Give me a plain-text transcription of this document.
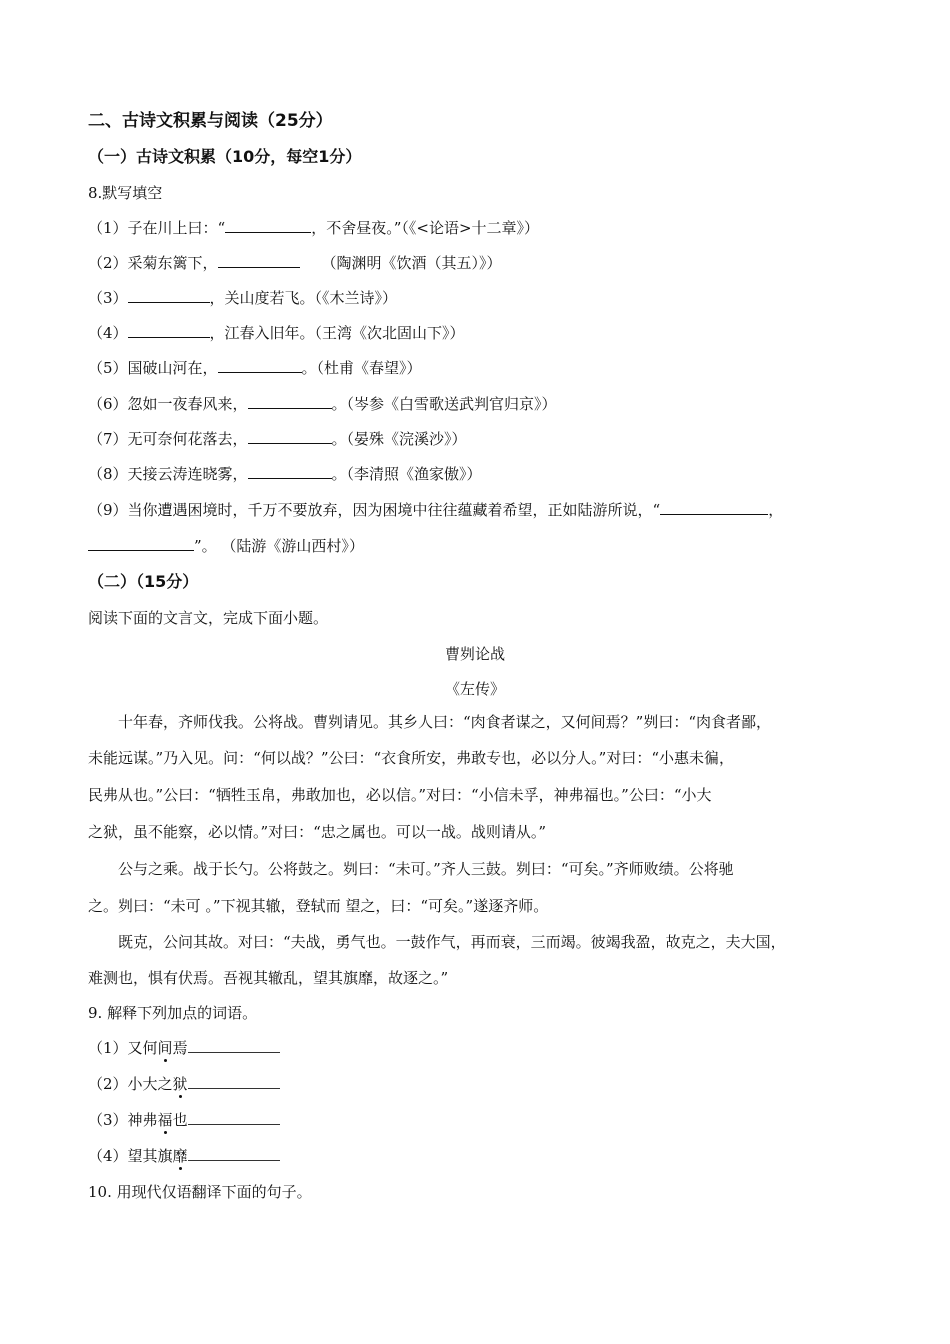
二、古诗文积累与阅读（25分）
（一）古诗文积累（10分，每空1分）
8.默写填空
（1）子在川上曰：“	，不舍昼夜。”（《<论语>十二章》）
（2）采菊东篱下，	（陶渊明《饮酒（其五）》）
（3）	，关山度若飞。（《木兰诗》）
（4）	，江春入旧年。（王湾《次北固山下》）
（5）国破山河在，	。（杜甫《春望》）
（6）忽如一夜春风来，	。（岑参《白雪歌送武判官归京》）
（7）无可奈何花落去，	。（晏殊《浣溪沙》）
（8）天接云涛连晓雾，	。（李清照《渔家傲》）
（9）当你遭遇困境时，千万不要放弃，因为困境中往往蕴藏着希望，正如陆游所说，“	，
”。 （陆游《游山西村》）
（二）（15分）
阅读下面的文言文，完成下面小题。
曹刿论战
《左传》
十年春，齐师伐我。公将战。曹刿请见。其乡人曰：“肉食者谋之，又何间焉？”刿曰：“肉食者鄙，
未能远谋。”乃入见。问：“何以战？”公曰：“衣食所安，弗敢专也，必以分人。”对曰：“小惠未徧，
民弗从也。”公曰：“牺牲玉帛，弗敢加也，必以信。”对曰：“小信未孚，神弗福也。”公曰：“小大
之狱，虽不能察，必以情。”对曰：“忠之属也。可以一战。战则请从。”
公与之乘。战于长勺。公将鼓之。刿曰：“未可。”齐人三鼓。刿曰：“可矣。”齐师败绩。公将驰
之。刿曰：“未可 。”下视其辙，登轼而 望之，曰：“可矣。”遂逐齐师。
既克，公问其故。对曰：“夫战，勇气也。一鼓作气，再而衰，三而竭。彼竭我盈，故克之，夫大国，
难测也，惧有伏焉。吾视其辙乱，望其旗靡，故逐之。”
9. 解释下列加点的词语。
（1）又何间焉
（2）小大之狱
（3）神弗福也
（4）望其旗靡
10. 用现代仅语翻译下面的句子。
